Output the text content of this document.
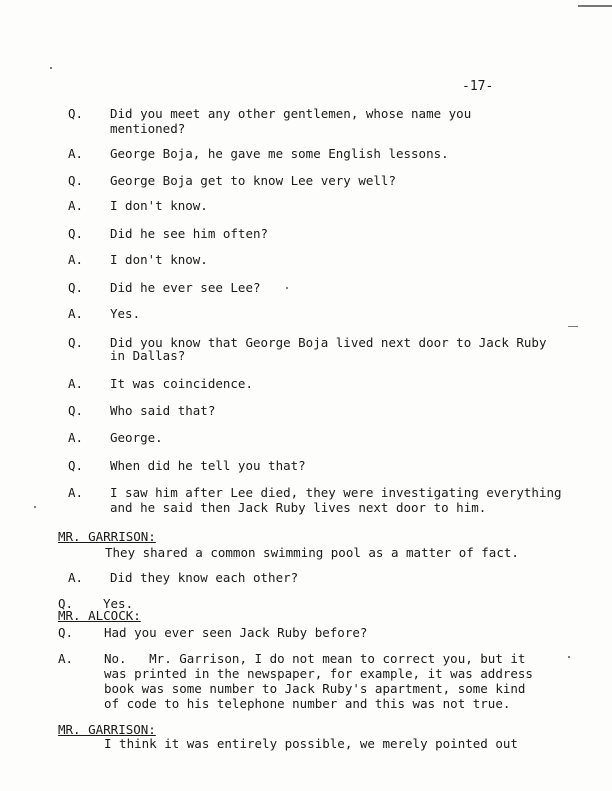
-17-
Q. Did you meet any other gentlemen, whose name you
mentioned?
A. George Boja, he gave me some English lessons.
Q. George Boja get to know Lee very well?
A. I don't know.
Q. Did he see him often?
A. I don't know.
Q. Did he ever see Lee?
A. Yes.
Q. Did you know that George Boja lived next door to Jack Ruby
in Dallas?
A. It was coincidence.
Q. Who said that?
A. George.
Q. When did he tell you that?
A. I saw him after Lee died, they were investigating everything
and he said then Jack Ruby lives next door to him.
MR. GARRISON:
They shared a common swimming pool as a matter of fact.
A. Did they know each other?
Q. Yes.
MR. ALCOCK:
Q. Had you ever seen Jack Ruby before?
A. No.   Mr. Garrison, I do not mean to correct you, but it
was printed in the newspaper, for example, it was address
book was some number to Jack Ruby's apartment, some kind
of code to his telephone number and this was not true.
MR. GARRISON:
I think it was entirely possible, we merely pointed out
